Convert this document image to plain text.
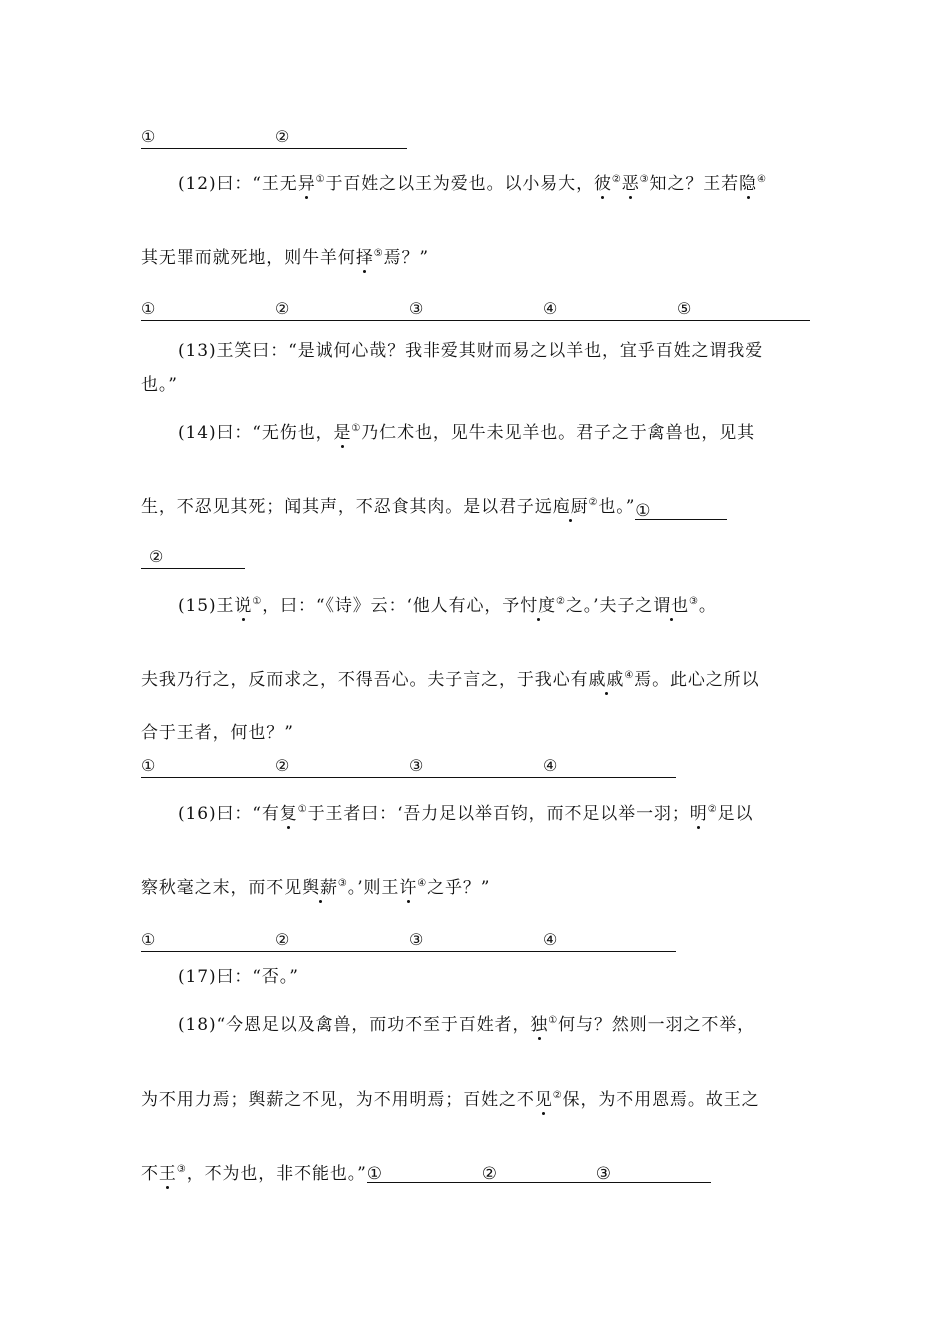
①	②
(12)曰：“王无异①于百姓之以王为爱也。以小易大，彼②恶③知之？王若隐④
其无罪而就死地，则牛羊何择⑤焉？”
①	②	③	④	⑤
(13)王笑曰：“是诚何心哉？我非爱其财而易之以羊也，宜乎百姓之谓我爱
也。”
(14)曰：“无伤也，是①乃仁术也，见牛未见羊也。君子之于禽兽也，见其
生，不忍见其死；闻其声，不忍食其肉。是以君子远庖厨②也。”①
②
(15)王说①，曰：“《诗》云：‘他人有心，予忖度②之。’夫子之谓也③。
夫我乃行之，反而求之，不得吾心。夫子言之，于我心有戚戚④焉。此心之所以
合于王者，何也？”
①	②	③	④
(16)曰：“有复①于王者曰：‘吾力足以举百钧，而不足以举一羽；明②足以
察秋毫之末，而不见舆薪③。’则王许④之乎？”
①	②	③	④
(17)曰：“否。”
(18)“今恩足以及禽兽，而功不至于百姓者，独①何与？然则一羽之不举，
为不用力焉；舆薪之不见，为不用明焉；百姓之不见②保，为不用恩焉。故王之
不王③，不为也，非不能也。” ①	②	③
